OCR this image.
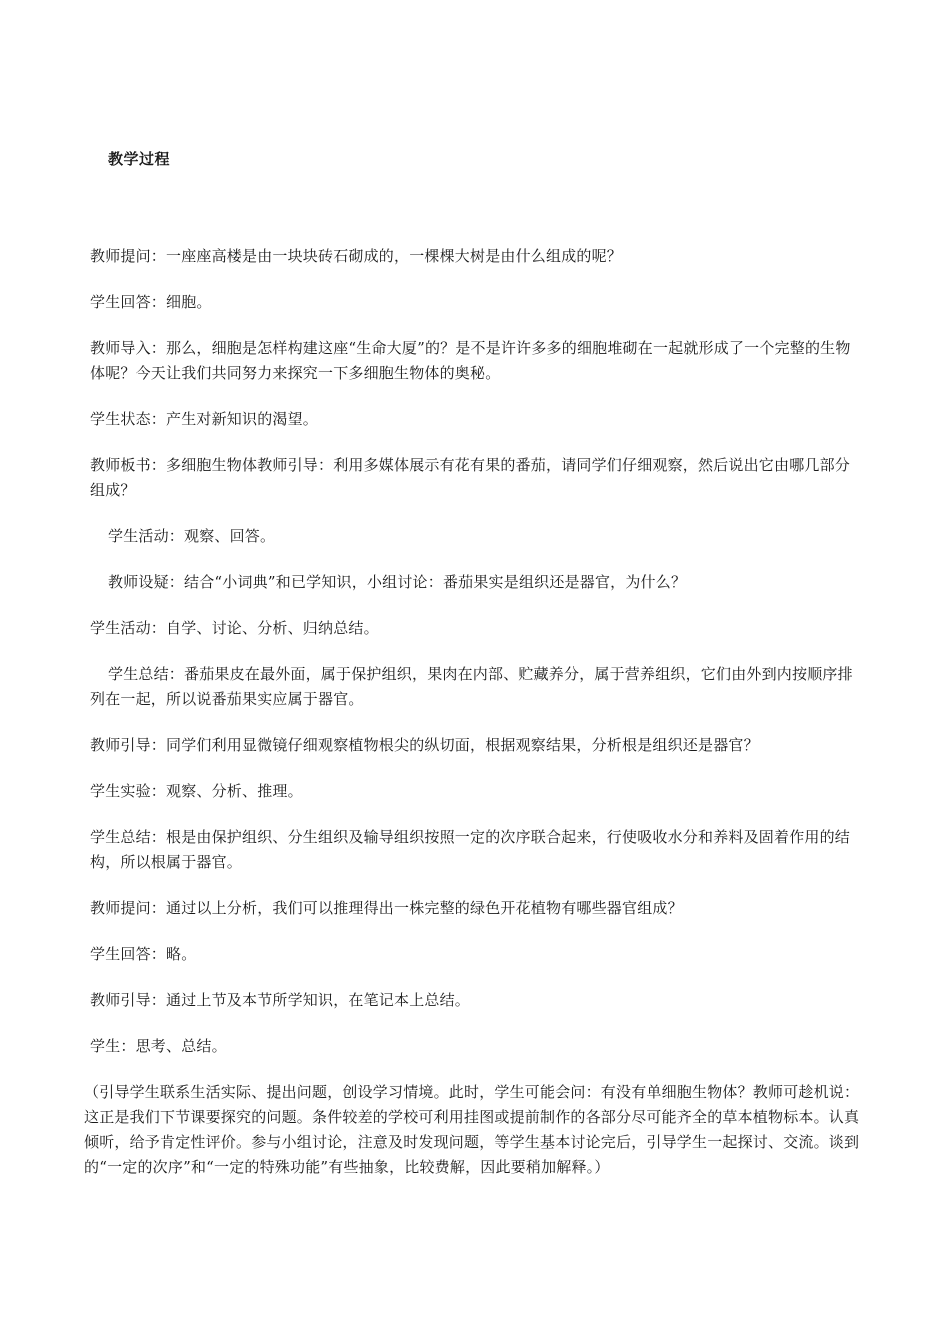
教学过程

教师提问：一座座高楼是由一块块砖石砌成的，一棵棵大树是由什么组成的呢？

学生回答：细胞。

教师导入：那么，细胞是怎样构建这座“生命大厦”的？是不是许许多多的细胞堆砌在一起就形成了一个完整的生物体呢？今天让我们共同努力来探究一下多细胞生物体的奥秘。

学生状态：产生对新知识的渴望。

教师板书：多细胞生物体教师引导：利用多媒体展示有花有果的番茄，请同学们仔细观察，然后说出它由哪几部分组成？

学生活动：观察、回答。

教师设疑：结合“小词典”和已学知识，小组讨论：番茄果实是组织还是器官，为什么？

学生活动：自学、讨论、分析、归纳总结。

学生总结：番茄果皮在最外面，属于保护组织，果肉在内部、贮藏养分，属于营养组织，它们由外到内按顺序排列在一起，所以说番茄果实应属于器官。

教师引导：同学们利用显微镜仔细观察植物根尖的纵切面，根据观察结果，分析根是组织还是器官？

学生实验：观察、分析、推理。

学生总结：根是由保护组织、分生组织及输导组织按照一定的次序联合起来，行使吸收水分和养料及固着作用的结构，所以根属于器官。

教师提问：通过以上分析，我们可以推理得出一株完整的绿色开花植物有哪些器官组成？

学生回答：略。

教师引导：通过上节及本节所学知识，在笔记本上总结。

学生：思考、总结。

（引导学生联系生活实际、提出问题，创设学习情境。此时，学生可能会问：有没有单细胞生物体？教师可趁机说：这正是我们下节课要探究的问题。条件较差的学校可利用挂图或提前制作的各部分尽可能齐全的草本植物标本。认真倾听，给予肯定性评价。参与小组讨论，注意及时发现问题，等学生基本讨论完后，引导学生一起探讨、交流。谈到的“一定的次序”和“一定的特殊功能”有些抽象，比较费解，因此要稍加解释。）
